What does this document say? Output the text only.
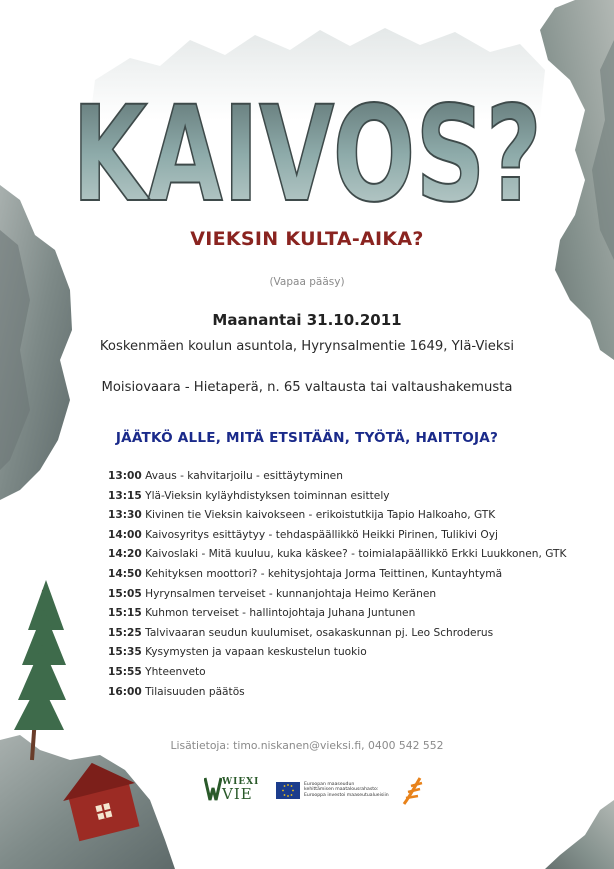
KAIVOS?
VIEKSIN KULTA-AIKA?
(Vapaa pääsy)
Maanantai 31.10.2011
Koskenmäen koulun asuntola, Hyrynsalmentie 1649, Ylä-Vieksi
Moisiovaara - Hietaperä, n. 65 valtausta tai valtaushakemusta
JÄÄTKÖ ALLE, MITÄ ETSITÄÄN, TYÖTÄ, HAITTOJA?
13:00 Avaus - kahvitarjoilu - esittäytyminen
13:15 Ylä-Vieksin kyläyhdistyksen toiminnan esittely
13:30 Kivinen tie Vieksin kaivokseen - erikoistutkija Tapio Halkoaho, GTK
14:00 Kaivosyritys esittäytyy - tehdaspäällikkö Heikki Pirinen, Tulikivi Oyj
14:20 Kaivoslaki - Mitä kuuluu, kuka käskee? - toimialapäällikkö Erkki Luukkonen, GTK
14:50 Kehityksen moottori? - kehitysjohtaja Jorma Teittinen, Kuntayhtymä
15:05 Hyrynsalmen terveiset - kunnanjohtaja Heimo Keränen
15:15 Kuhmon terveiset - hallintojohtaja Juhana Juntunen
15:25 Talvivaaran seudun kuulumiset, osakaskunnan pj. Leo Schroderus
15:35 Kysymysten ja vapaan keskustelun tuokio
15:55 Yhteenveto
16:00 Tilaisuuden päätös
Lisätietoja: timo.niskanen@vieksi.fi, 0400 542 552
WIEXI
VIE
Euroopan maaseudun
kehittämisen maatalousrahasto:
Eurooppa investoi maaseutualueisiin
